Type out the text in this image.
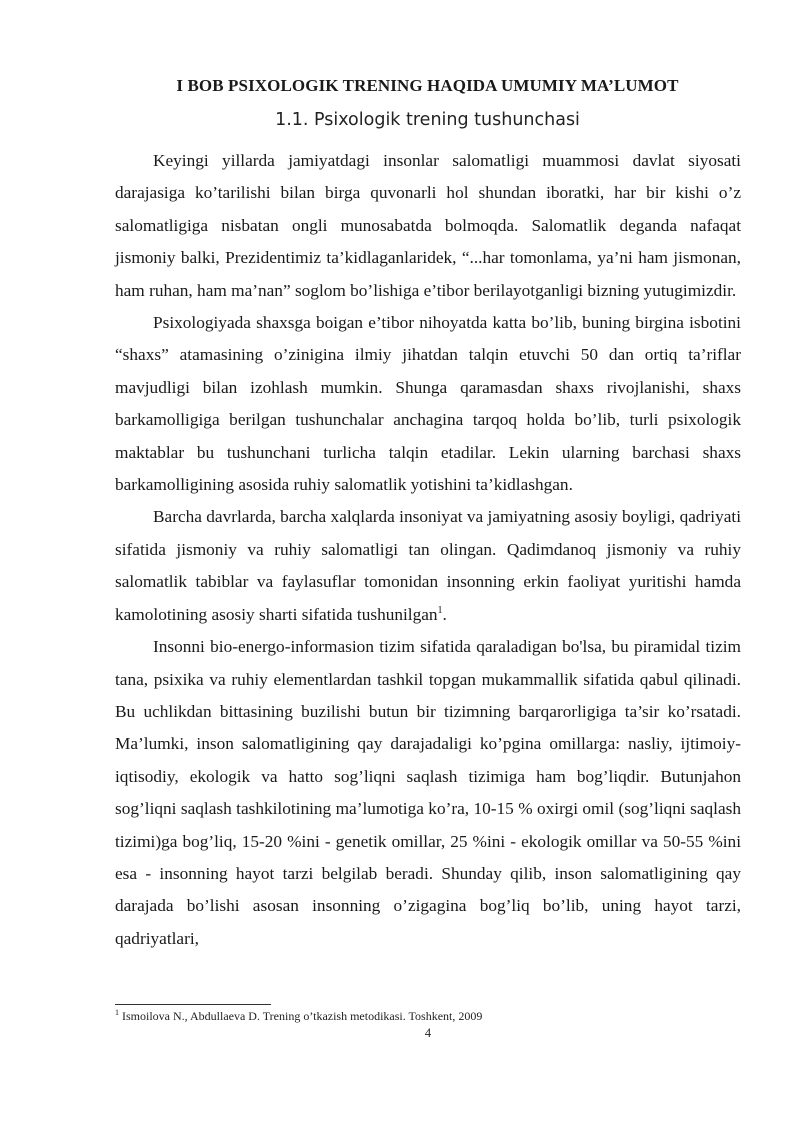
I BOB PSIXOLOGIK TRENING HAQIDA UMUMIY MA’LUMOT
1.1. Psixologik trening tushunchasi

Keyingi yillarda jamiyatdagi insonlar salomatligi muammosi davlat siyosati darajasiga ko’tarilishi bilan birga quvonarli hol shundan iboratki, har bir kishi o’z salomatligiga nisbatan ongli munosabatda bolmoqda. Salomatlik deganda nafaqat jismoniy balki, Prezidentimiz ta’kidlaganlaridek, “...har tomonlama, ya’ni ham jismonan, ham ruhan, ham ma’nan” soglom bo’lishiga e’tibor berilayotganligi bizning yutugimizdir.

Psixologiyada shaxsga boigan e’tibor nihoyatda katta bo’lib, buning birgina isbotini “shaxs” atamasining o’zinigina ilmiy jihatdan talqin etuvchi 50 dan ortiq ta’riflar mavjudligi bilan izohlash mumkin. Shunga qaramasdan shaxs rivojlanishi, shaxs barkamolligiga berilgan tushunchalar anchagina tarqoq holda bo’lib, turli psixologik maktablar bu tushunchani turlicha talqin etadilar. Lekin ularning barchasi shaxs barkamolligining asosida ruhiy salomatlik yotishini ta’kidlashgan.

Barcha davrlarda, barcha xalqlarda insoniyat va jamiyatning asosiy boyligi, qadriyati sifatida jismoniy va ruhiy salomatligi tan olingan. Qadimdanoq jismoniy va ruhiy salomatlik tabiblar va faylasuflar tomonidan insonning erkin faoliyat yuritishi hamda kamolotining asosiy sharti sifatida tushunilgan$^1$.

Insonni bio-energo-informasion tizim sifatida qaraladigan bo'lsa, bu piramidal tizim tana, psixika va ruhiy elementlardan tashkil topgan mukammallik sifatida qabul qilinadi. Bu uchlikdan bittasining buzilishi butun bir tizimning barqarorligiga ta’sir ko’rsatadi. Ma’lumki, inson salomatligining qay darajadaligi ko’pgina omillarga: nasliy, ijtimoiy-iqtisodiy, ekologik va hatto sog’liqni saqlash tizimiga ham bog’liqdir. Butunjahon sog’liqni saqlash tashkilotining ma’lumotiga ko’ra, 10-15 % oxirgi omil (sog’liqni saqlash tizimi)ga bog’liq, 15-20 %ini - genetik omillar, 25 %ini - ekologik omillar va 50-55 %ini esa - insonning hayot tarzi belgilab beradi. Shunday qilib, inson salomatligining qay darajada bo’lishi asosan insonning o’zigagina bog’liq bo’lib, uning hayot tarzi, qadriyatlari,

$^1$ Ismoilova N., Abdullaeva D. Trening o’tkazish metodikasi. Toshkent, 2009
4
